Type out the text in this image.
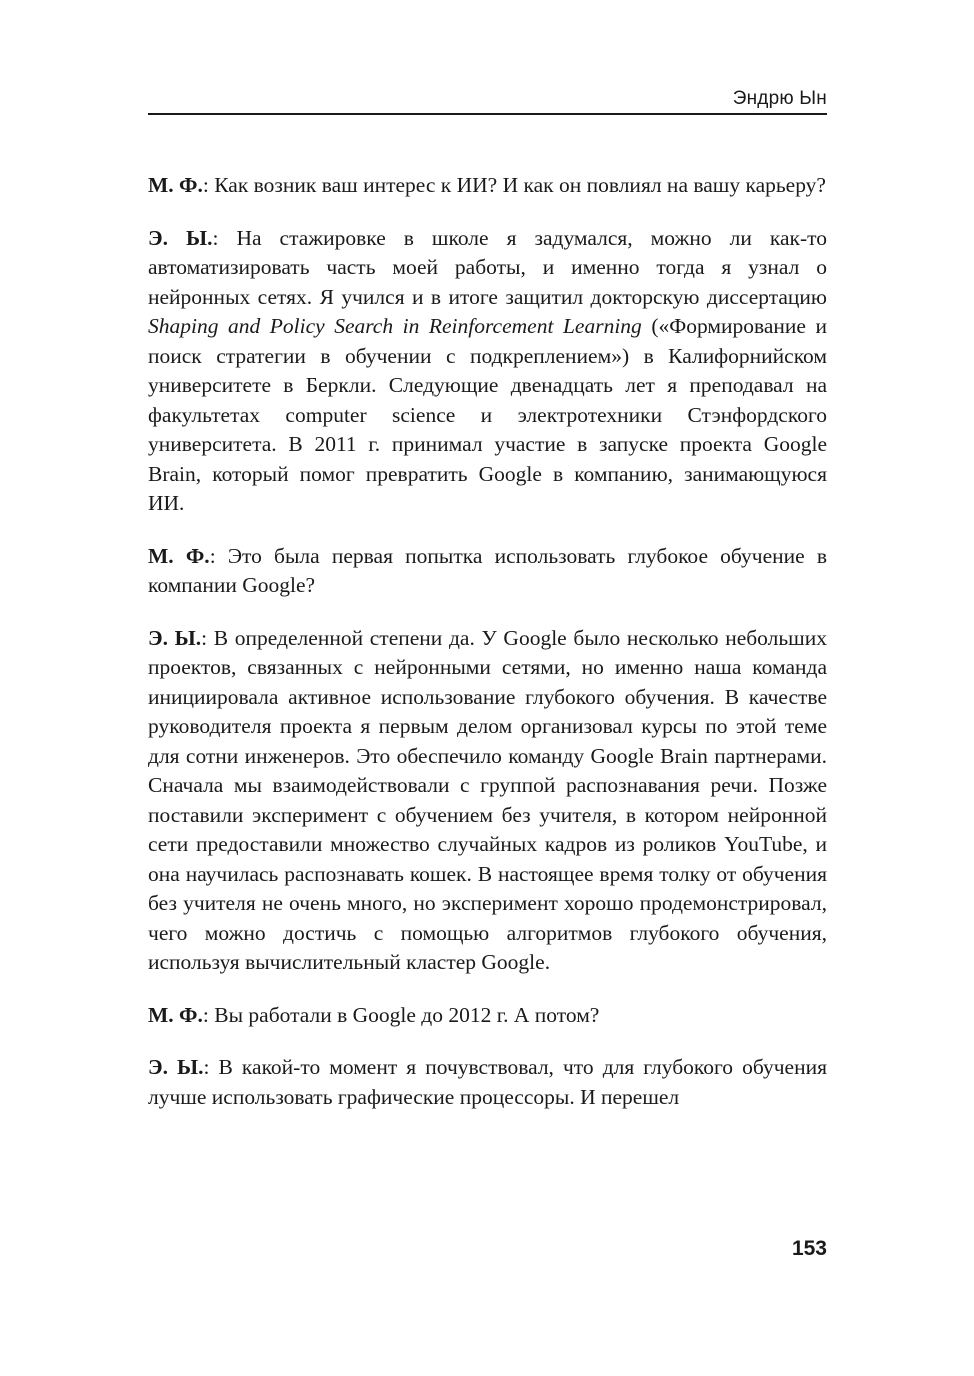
Эндрю Ын

М. Ф.: Как возник ваш интерес к ИИ? И как он повлиял на вашу карьеру?

Э. Ы.: На стажировке в школе я задумался, можно ли как-то автоматизировать часть моей работы, и именно тогда я узнал о нейронных сетях. Я учился и в итоге защитил докторскую диссертацию Shaping and Policy Search in Reinforcement Learning («Формирование и поиск стратегии в обучении с подкреплением») в Калифорнийском университете в Беркли. Следующие двенадцать лет я преподавал на факультетах computer science и электротехники Стэнфордского университета. В 2011 г. принимал участие в запуске проекта Google Brain, который помог превратить Google в компанию, занимающуюся ИИ.

М. Ф.: Это была первая попытка использовать глубокое обучение в компании Google?

Э. Ы.: В определенной степени да. У Google было несколько небольших проектов, связанных с нейронными сетями, но именно наша команда инициировала активное использование глубокого обучения. В качестве руководителя проекта я первым делом организовал курсы по этой теме для сотни инженеров. Это обеспечило команду Google Brain партнерами. Сначала мы взаимодействовали с группой распознавания речи. Позже поставили эксперимент с обучением без учителя, в котором нейронной сети предоставили множество случайных кадров из роликов YouTube, и она научилась распознавать кошек. В настоящее время толку от обучения без учителя не очень много, но эксперимент хорошо продемонстрировал, чего можно достичь с помощью алгоритмов глубокого обучения, используя вычислительный кластер Google.

М. Ф.: Вы работали в Google до 2012 г. А потом?

Э. Ы.: В какой-то момент я почувствовал, что для глубокого обучения лучше использовать графические процессоры. И перешел

153
